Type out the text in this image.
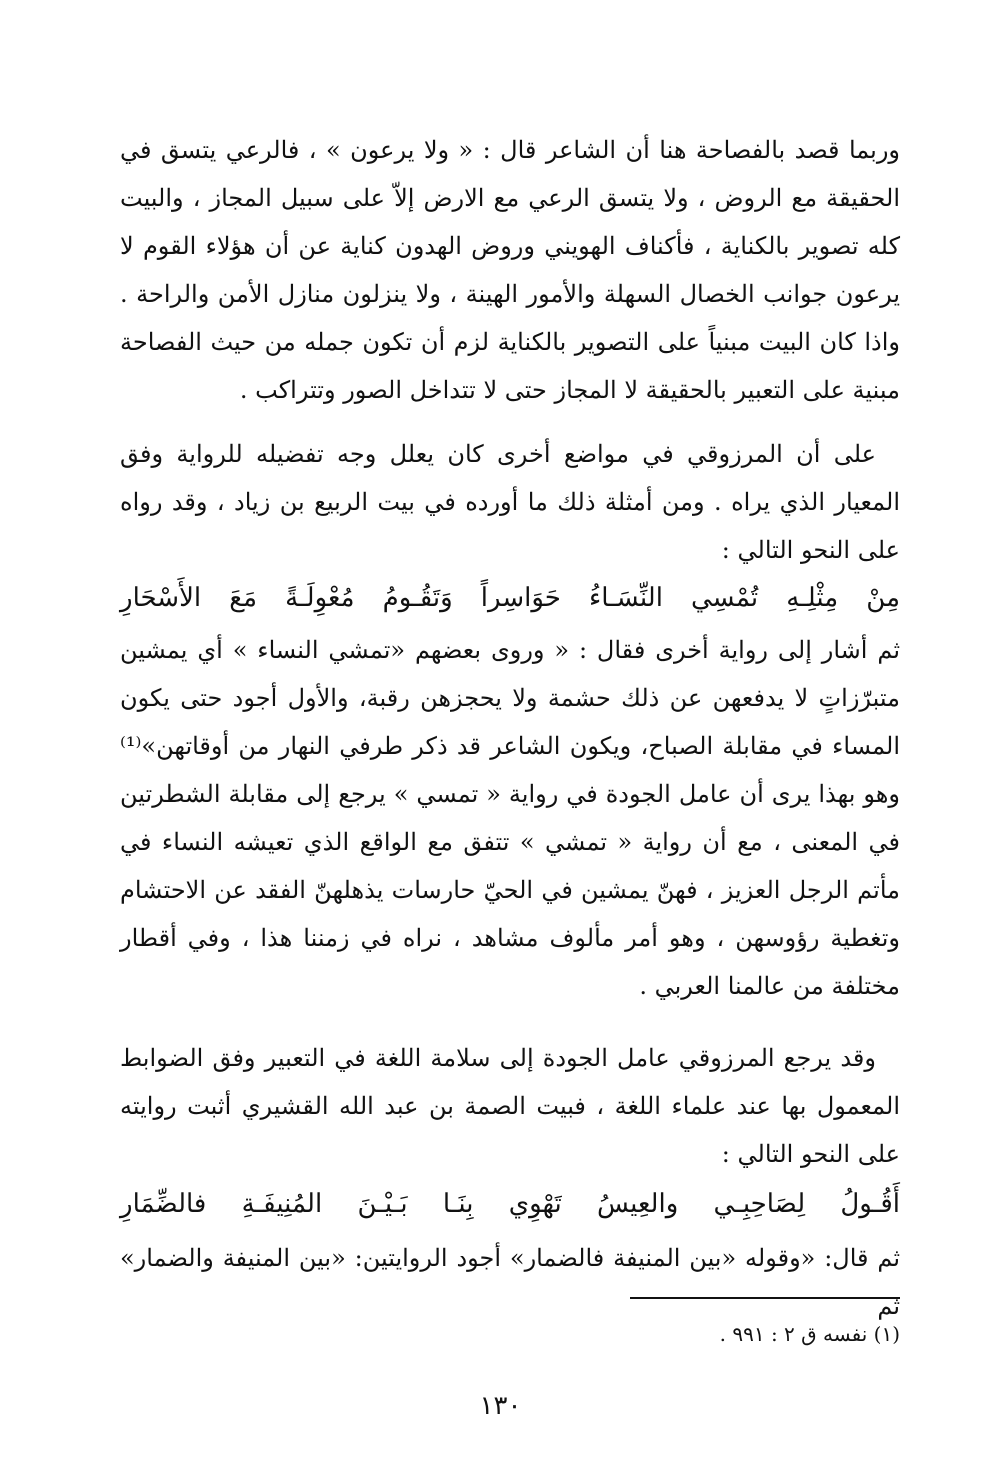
وربما قصد بالفصاحة هنا أن الشاعر قال : « ولا يرعون » ، فالرعي يتسق في الحقيقة مع الروض ، ولا يتسق الرعي مع الارض إلاّ على سبيل المجاز ، والبيت كله تصوير بالكناية ، فأكناف الهويني وروض الهدون كناية عن أن هؤلاء القوم لا يرعون جوانب الخصال السهلة والأمور الهينة ، ولا ينزلون منازل الأمن والراحة . واذا كان البيت مبنياً على التصوير بالكناية لزم أن تكون جمله من حيث الفصاحة مبنية على التعبير بالحقيقة لا المجاز حتى لا تتداخل الصور وتتراكب .

على أن المرزوقي في مواضع أخرى كان يعلل وجه تفضيله للرواية وفق المعيار الذي يراه . ومن أمثلة ذلك ما أورده في بيت الربيع بن زياد ، وقد رواه على النحو التالي :

مِنْ
مِثْلِـهِ
تُمْسِي
النِّسَـاءُ
حَوَاسِراً
وَتَقُـومُ
مُعْوِلَـةً
مَعَ
الأَسْحَارِ

ثم أشار إلى رواية أخرى فقال : « وروى بعضهم «تمشي النساء » أي يمشين متبرّزاتٍ لا يدفعهن عن ذلك حشمة ولا يحجزهن رقبة، والأول أجود حتى يكون المساء في مقابلة الصباح، ويكون الشاعر قد ذكر طرفي النهار من أوقاتهن»⁽¹⁾ وهو بهذا يرى أن عامل الجودة في رواية « تمسي » يرجع إلى مقابلة الشطرتين في المعنى ، مع أن رواية « تمشي » تتفق مع الواقع الذي تعيشه النساء في مأتم الرجل العزيز ، فهنّ يمشين في الحيّ حارسات يذهلهنّ الفقد عن الاحتشام وتغطية رؤوسهن ، وهو أمر مألوف مشاهد ، نراه في زمننا هذا ، وفي أقطار مختلفة من عالمنا العربي .

وقد يرجع المرزوقي عامل الجودة إلى سلامة اللغة في التعبير وفق الضوابط المعمول بها عند علماء اللغة ، فبيت الصمة بن عبد الله القشيري أثبت روايته على النحو التالي :

أَقُـولُ
لِصَاحِبِـي
والعِيسُ
تَهْوِي
بِنَـا
بَـيْـنَ
المُنِيفَـةِ
فالضِّمَارِ

ثم قال: «وقوله «بين المنيفة فالضمار» أجود الروايتين: «بين المنيفة والضمار» ثم

(١) نفسه ق ٢ : ٩٩١ .
١٣٠
